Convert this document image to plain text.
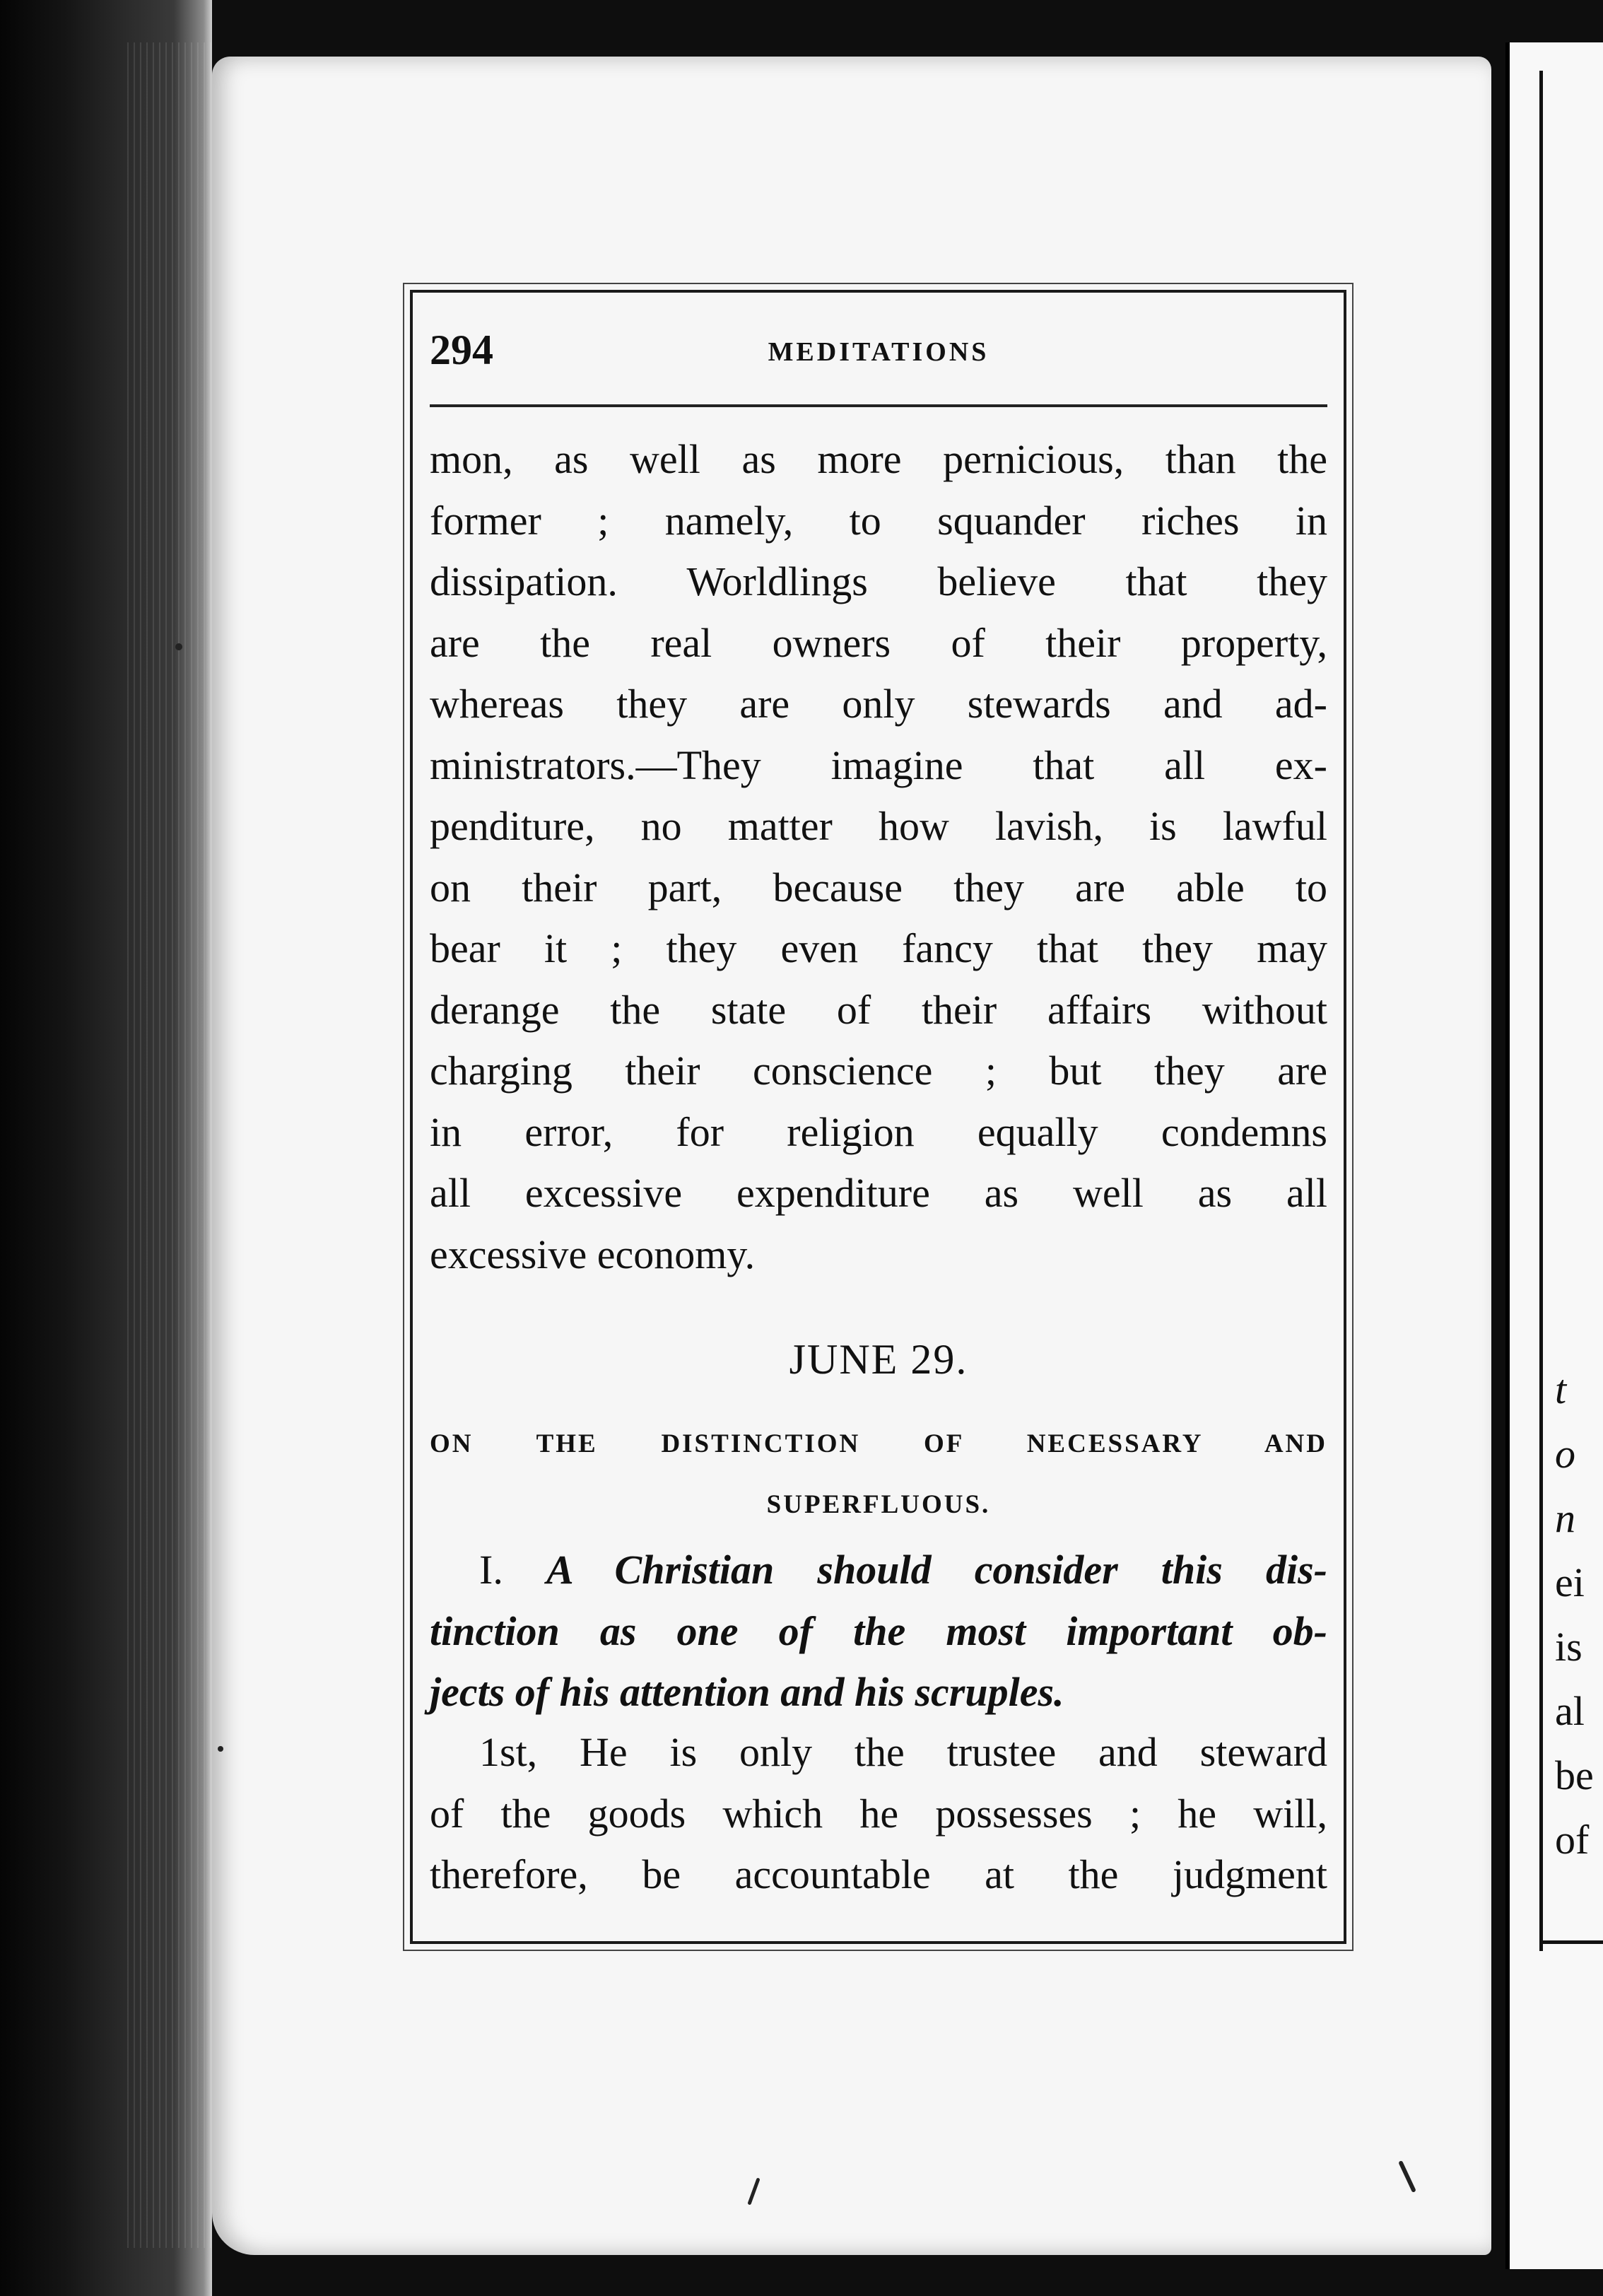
t
o
n
ei
is
al
be
of
294	MEDITATIONS
mon, as well as more pernicious, than the
former ; namely, to squander riches in
dissipation. Worldlings believe that they
are the real owners of their property,
whereas they are only stewards and ad-
ministrators.—They imagine that all ex-
penditure, no matter how lavish, is lawful
on their part, because they are able to
bear it ; they even fancy that they may
derange the state of their affairs without
charging their conscience ; but they are
in error, for religion equally condemns
all excessive expenditure as well as all
excessive economy.
JUNE 29.
ON THE DISTINCTION OF NECESSARY AND
SUPERFLUOUS.
I. A Christian should consider this dis-
tinction as one of the most important ob-
jects of his attention and his scruples.
1st, He is only the trustee and steward
of the goods which he possesses ; he will,
therefore, be accountable at the judgment
